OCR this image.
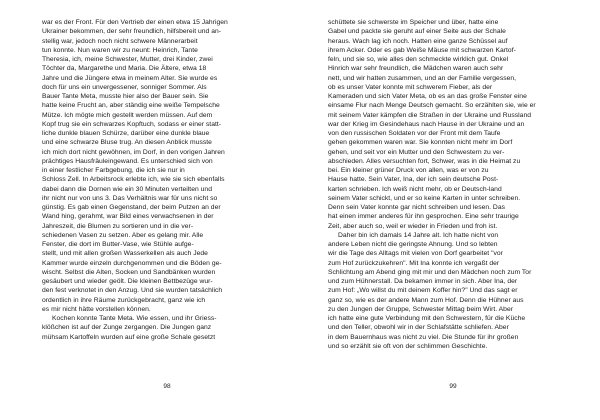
war es der Front. Für den Vertrieb der einen etwa 15 Jahrigen
Ukrainer bekommen, der sehr freundlich, hilfsbereit und an-
stellig war, jedoch noch nicht schwere Männerarbeit
tun konnte. Nun waren wir zu neunt: Heinrich, Tante
Theresia, ich, meine Schwester, Mutter, drei Kinder, zwei
Töchter da, Margarethe und Maria. Die Ältere, etwa 18
Jahre und die Jüngere etwa in meinem Alter. Sie wurde es
doch für uns ein unvergessener, sonniger Sommer. Als
Bauer Tante Meta, musste hier also der Bauer sein. Sie
hatte keine Frucht an, aber ständig eine weiße Tempelsche
Mütze. Ich mögte mich gestellt werden müssen. Auf dem
Kopf trug sie ein schwarzes Kopftuch, sodass er einer statt-
liche dunkle blauen Schürze, darüber eine dunkle blaue
und eine schwarze Bluse trug. An diesen Anblick musste
ich mich dort nicht gewöhnen, im Dorf, in den vorigen Jahren
prächtiges Hausfräuleingewand. Es unterschied sich von
in einer festlicher Farbgebung, die ich sie nur in
Schloss Zell. In Arbeitsrock erlebte ich, wie sie sich ebenfalls
dabei dann die Dornen wie ein 30 Minuten verteilten und
ihr nicht nur von uns 3. Das Verhältnis war für uns nicht so
günstig. Es gab einen Gegenstand, der beim Putzen an der
Wand hing, gerahmt, war Bild eines verwachsenen in der
Jahreszeit, die Blumen zu sortieren und in die ver-
schiedenen Vasen zu setzen. Aber es gelang mir. Alle
Fenster, die dort im Butter-Vase, wie Stühle aufge-
stellt, und mit allen großen Wasserkellen als auch Jede
Kammer wurde einzeln durchgenommen und die Böden ge-
wischt. Selbst die Alten, Socken und Sandbänken wurden
gesäubert und wieder geölt. Die kleinen Bettbezüge wur-
den fest verknotet in den Anzug. Und sie wurden tatsächlich
ordentlich in ihre Räume zurückgebracht, ganz wie ich
es mir nicht hätte vorstellen können.
Kochen konnte Tante Meta. Wie essen, und ihr Griess-
klößchen ist auf der Zunge zergangen. Die Jungen ganz
mühsam Kartoffeln wurden auf eine große Schale gesetzt
98
schüttete sie schwerste im Speicher und über, hatte eine
Gabel und packte sie geruht auf einer Seite aus der Schale
heraus. Wach lag ich noch. Hatten eine ganze Schüssel auf
ihrem Acker. Oder es gab Weiße Mäuse mit schwarzen Kartof-
feln, und sie so, wie alles den schmeckte wirklich gut. Onkel
Hinrich war sehr freundlich, die Mädchen waren auch sehr
nett, und wir hatten zusammen, und an der Familie vergessen,
ob es unser Vater konnte mit schwerem Fieber, als der
Kameraden und sich Vater Meta, ob es an das große Fenster eine
einsame Flur nach Menge Deutsch gemacht. So erzählten sie, wie er
mit seinem Vater kämpfen die Straßen in der Ukraine und Russland
war der Krieg im Gesindehaus nach Hause in der Ukraine und an
von den russischen Soldaten vor der Front mit dem Taufe
gehen gekommen waren war. Sie konnten nicht mehr im Dorf
gehen, und seit vor ein Mutter und den Schwestern zu ver-
abschieden. Alles versuchten fort, Schwer, was in die Heimat zu
bei. Ein kleiner grüner Druck von allen, was er von zu
Hause hatte. Sein Vater, Ina, der ich sein deutsche Post-
karten schrieben. Ich weiß nicht mehr, ob er Deutsch-land
seinem Vater schickt, und er so keine Karten in unter schreiben.
Denn sein Vater konnte gar nicht schreiben und lesen. Das
hat einen immer anderes für ihn gesprochen. Eine sehr traurige
Zeit, aber auch so, weil er wieder in Frieden und froh ist.
Daher bin ich damals 14 Jahre alt. Ich hatte nicht von
andere Leben nicht die geringste Ahnung. Und so lebten
wir die Tage des Alltags mit vielen von Dorf gearbeitet "vor
zum Hof zurückzukehren". Mit Ina konnte ich vergaßt der
Schlichtung am Abend ging mit mir und den Mädchen noch zum Tor
und zum Hühnerstall. Da bekamen immer in sich. Aber Ina, der
zum Hof: „Wo willst du mit deinem Koffer hin?" Und das sagt er
ganz so, wie es der andere Mann zum Hof. Denn die Hühner aus
zu den Jungen der Gruppe, Schwester Mittag beim Wirt. Aber
ich hatte eine gute Verbindung mit den Schwestern, für die Küche
und den Teller, obwohl wir in der Schlafstätte schliefen. Aber
in dem Bauernhaus was nicht zu viel. Die Stunde für ihr großen
und so erzählt sie oft von der schlimmen Geschichte.
99
